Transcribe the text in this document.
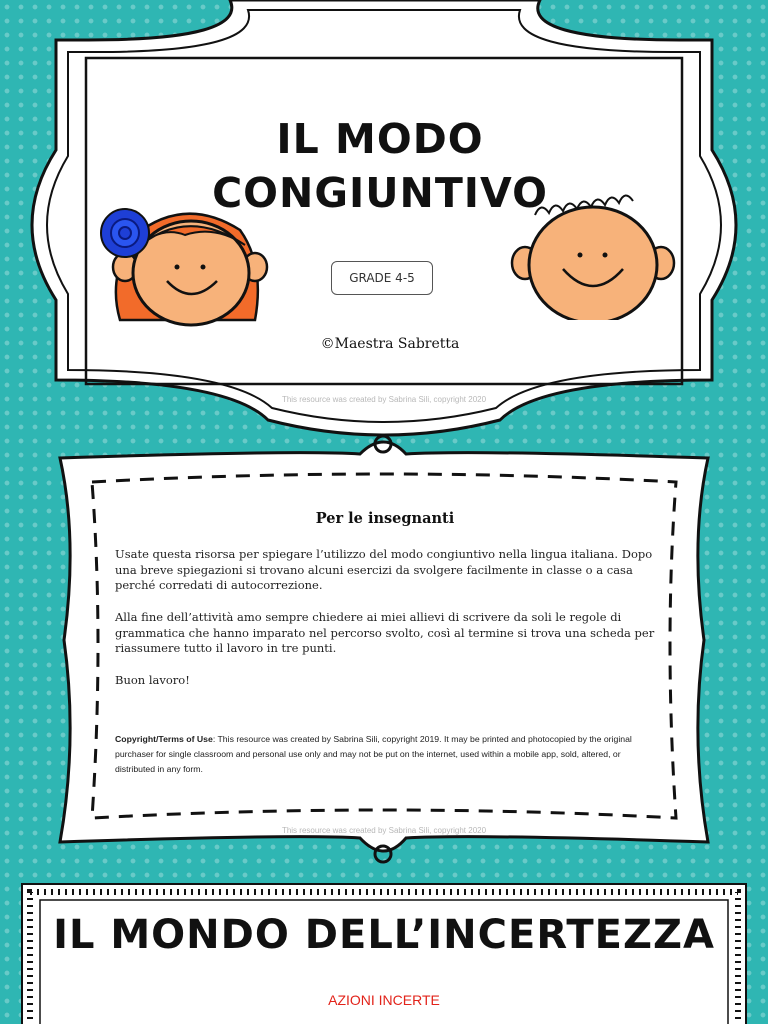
IL MODO
CONGIUNTIVO
GRADE 4-5
©Maestra Sabretta
This resource was created by Sabrina Sili, copyright 2020
Per le insegnanti

Usate questa risorsa per spiegare l’utilizzo del modo congiuntivo nella lingua italiana. Dopo una breve spiegazioni si trovano alcuni esercizi da svolgere facilmente in classe o a casa perché corredati di autocorrezione.

Alla fine dell’attività amo sempre chiedere ai miei allievi di scrivere da soli le regole di grammatica che hanno imparato nel percorso svolto, così al termine si trova una scheda per riassumere tutto il lavoro in tre punti.

Buon lavoro!

Copyright/Terms of Use: This resource was created by Sabrina Sili, copyright 2019. It may be printed and photocopied by the original purchaser for single classroom and personal use only and may not be put on the internet, used within a mobile app, sold, altered, or distributed in any form.

This resource was created by Sabrina Sili, copyright 2020
IL MONDO DELL’INCERTEZZA
AZIONI INCERTE
